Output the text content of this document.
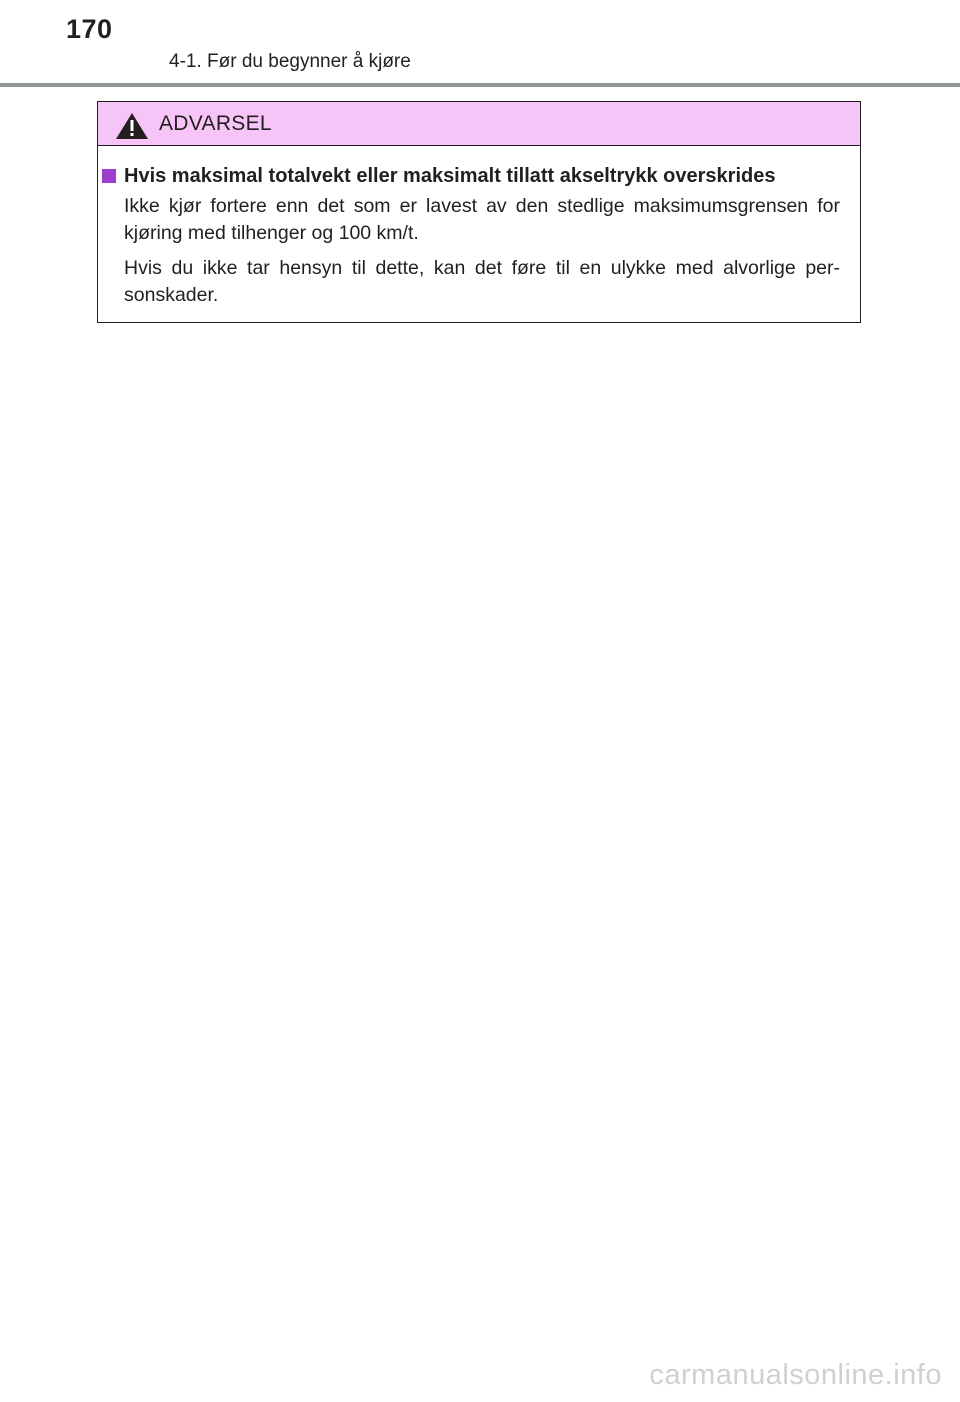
170
4-1. Før du begynner å kjøre
ADVARSEL
Hvis maksimal totalvekt eller maksimalt tillatt akseltrykk overskrides
Ikke kjør fortere enn det som er lavest av den stedlige maksimumsgrensen for kjøring med tilhenger og 100 km/t.
Hvis du ikke tar hensyn til dette, kan det føre til en ulykke med alvorlige per-sonskader.
carmanualsonline.info
